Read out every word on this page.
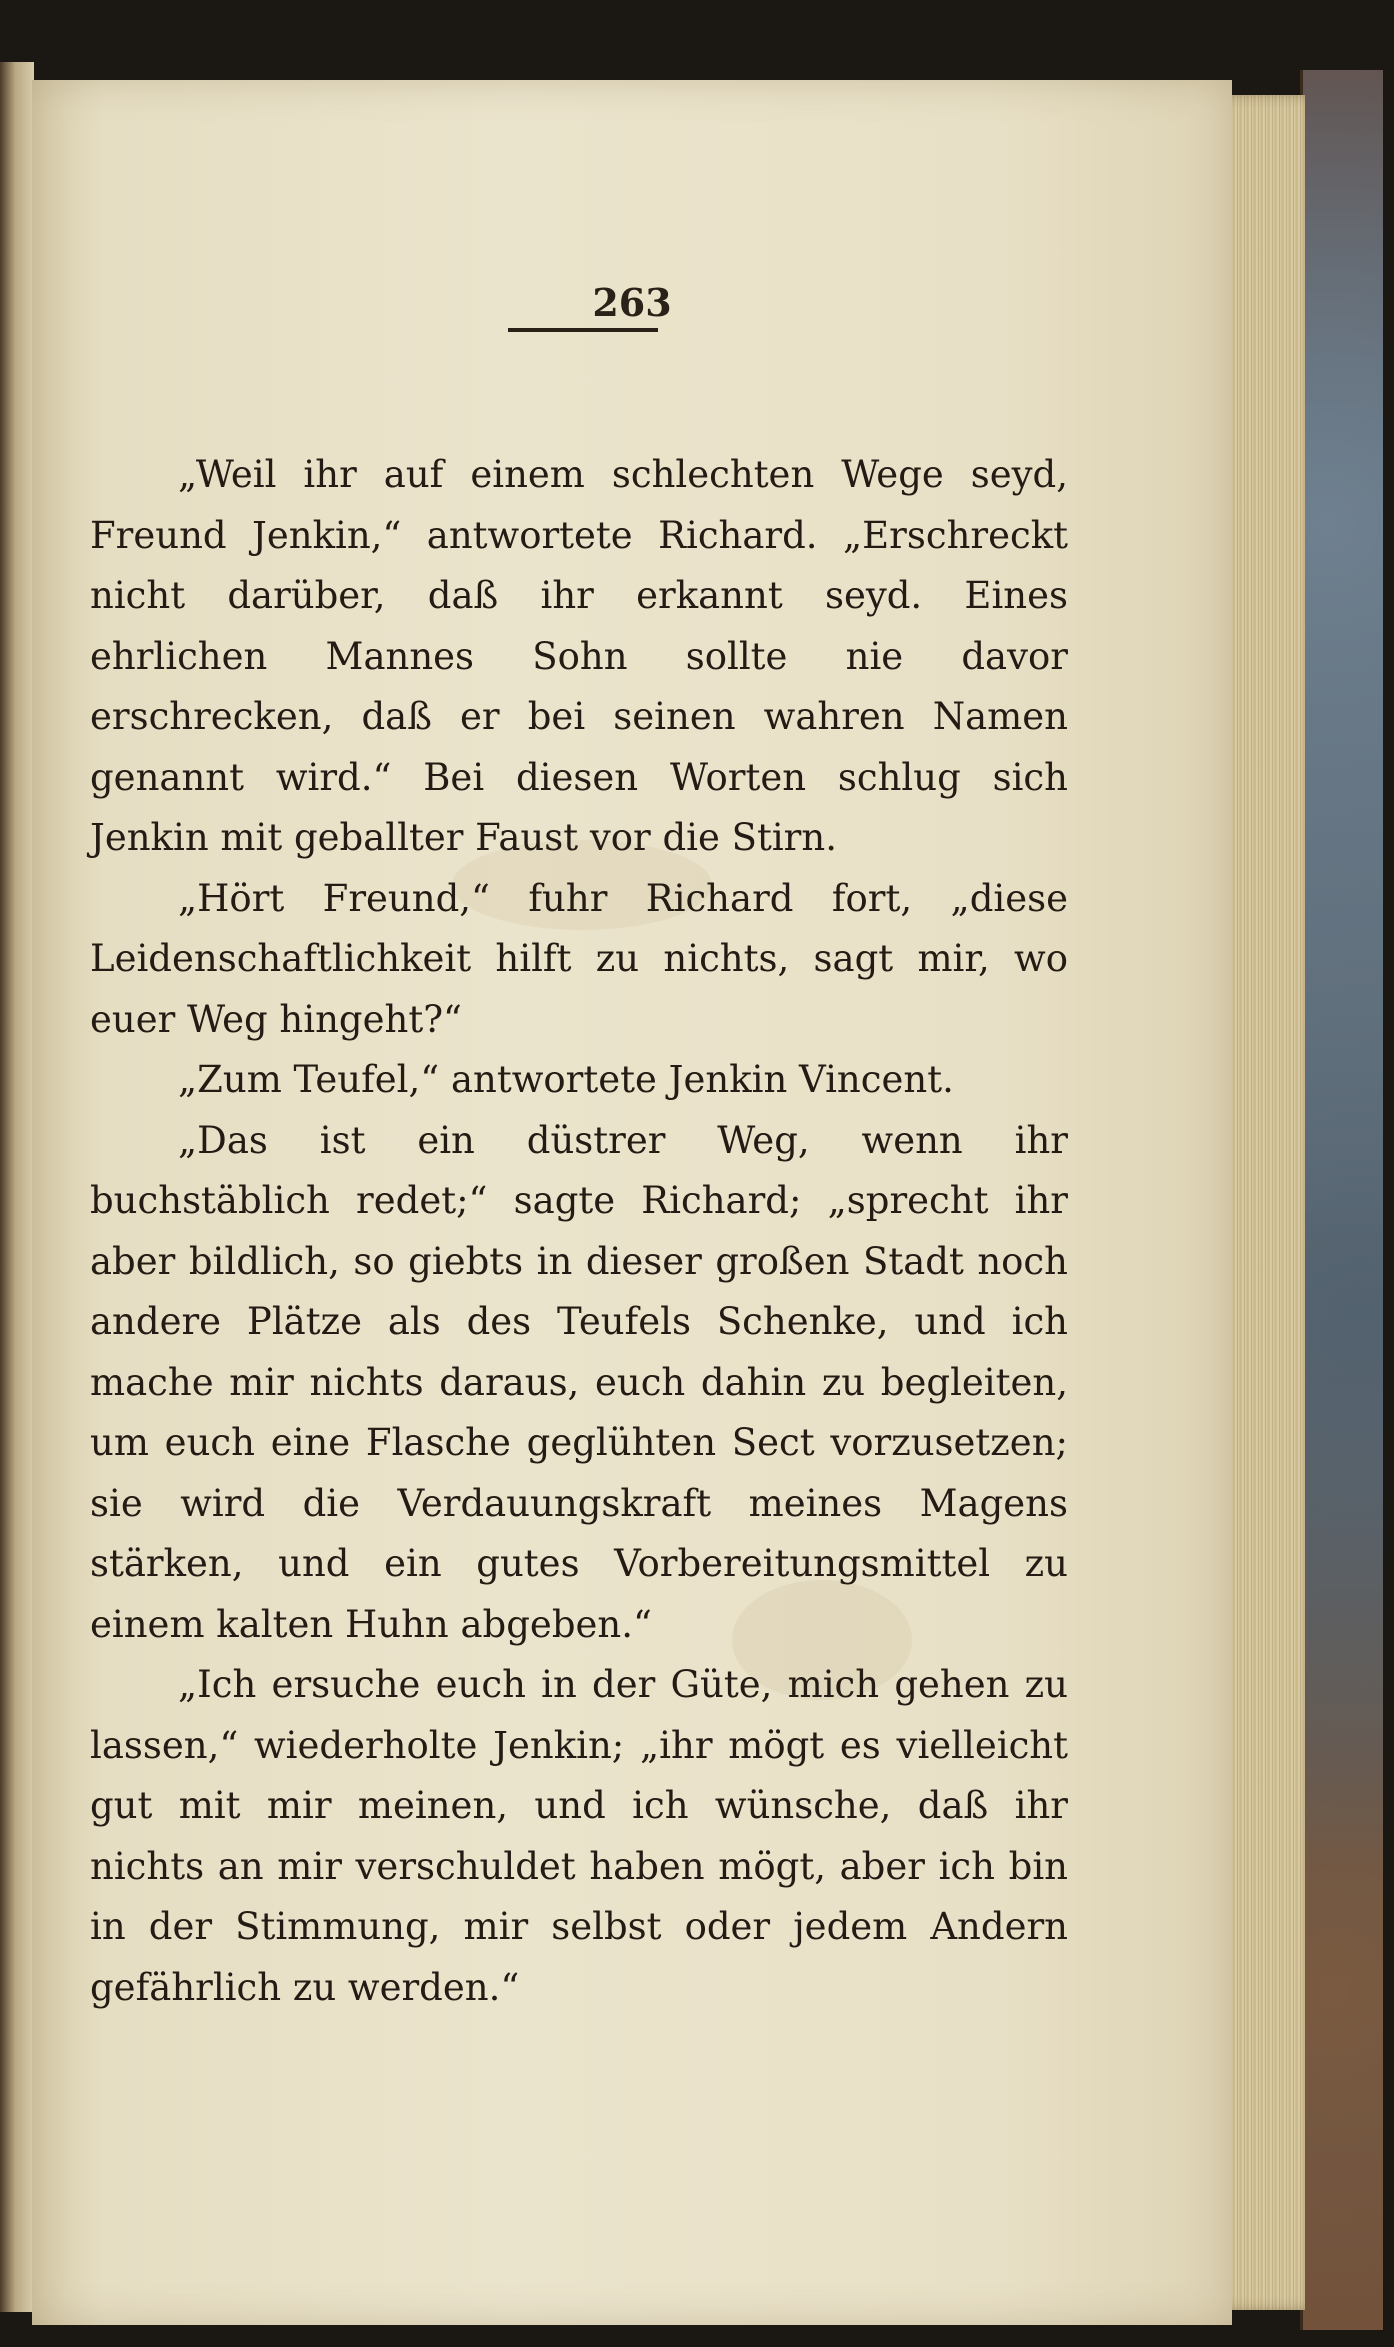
263

„Weil ihr auf einem schlechten Wege seyd, Freund Jenkin,“ antwortete Richard. „Erschreckt nicht darüber, daß ihr erkannt seyd. Eines ehrlichen Mannes Sohn sollte nie davor erschrecken, daß er bei seinen wahren Namen genannt wird.“ Bei diesen Worten schlug sich Jenkin mit geballter Faust vor die Stirn.

„Hört Freund,“ fuhr Richard fort, „diese Leidenschaftlichkeit hilft zu nichts, sagt mir, wo euer Weg hingeht?“

„Zum Teufel,“ antwortete Jenkin Vincent.

„Das ist ein düstrer Weg, wenn ihr buchstäblich redet;“ sagte Richard; „sprecht ihr aber bildlich, so giebts in dieser großen Stadt noch andere Plätze als des Teufels Schenke, und ich mache mir nichts daraus, euch dahin zu begleiten, um euch eine Flasche geglühten Sect vorzusetzen; sie wird die Verdauungskraft meines Magens stärken, und ein gutes Vorbereitungsmittel zu einem kalten Huhn abgeben.“

„Ich ersuche euch in der Güte, mich gehen zu lassen,“ wiederholte Jenkin; „ihr mögt es vielleicht gut mit mir meinen, und ich wünsche, daß ihr nichts an mir verschuldet haben mögt, aber ich bin in der Stimmung, mir selbst oder jedem Andern gefährlich zu werden.“
